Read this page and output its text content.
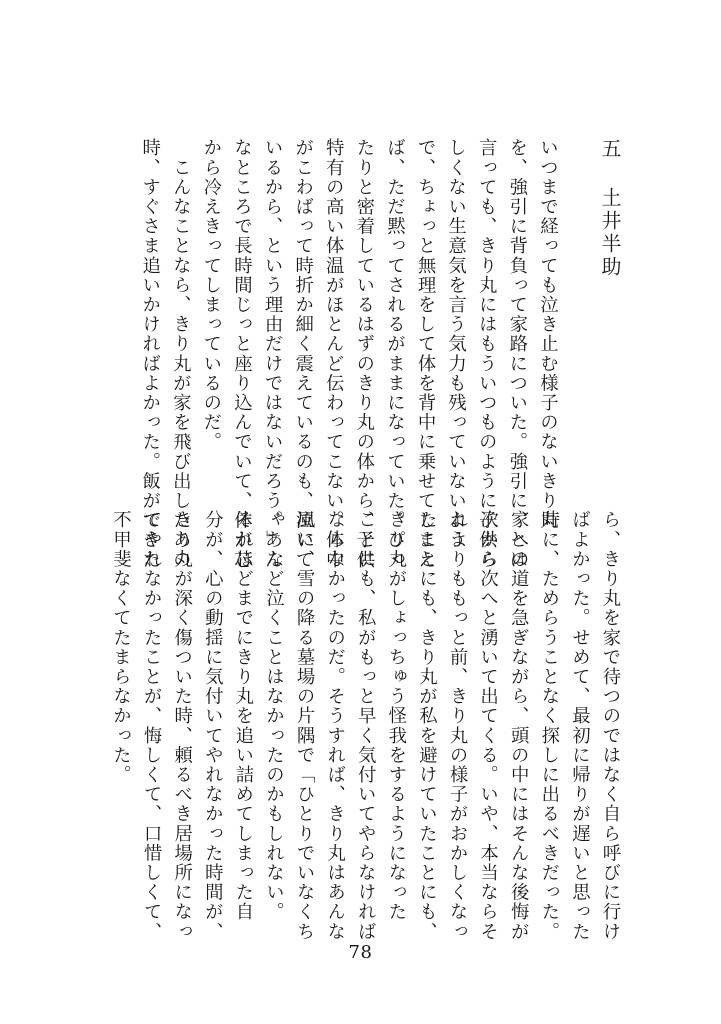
五土井半助

いつまで経っても泣き止む様子のないきり丸

を、強引に背負って家路についた。強引に、とは

言っても、きり丸にはもういつものように子供ら

しくない生意気を言う気力も残っていないよう

で、ちょっと無理をして体を背中に乗せてしまえ

ば、ただ黙ってされるがままになっていた。ぴっ

たりと密着しているはずのきり丸の体から、子供

特有の高い体温がほとんど伝わってこない。体中

がこわばって時折か細く震えているのも、泣いて

いるから、という理由だけではないだろう。あん

なところで長時間じっと座り込んでいて、体が芯

から冷えきってしまっているのだ。

　こんなことなら、きり丸が家を飛び出したあの

時、すぐさま追いかければよかった。飯ができた

ら、きり丸を家で待つのではなく自ら呼びに行け

ばよかった。せめて、最初に帰りが遅いと思った

時に、ためらうことなく探しに出るべきだった。

家への道を急ぎながら、頭の中にはそんな後悔が

次から次へと湧いて出てくる。いや、本当ならそ

れよりももっと前、きり丸の様子がおかしくなっ

たことにも、きり丸が私を避けていたことにも、

きり丸がしょっちゅう怪我をするようになった

ことにも、私がもっと早く気付いてやらなければ

ならなかったのだ。そうすれば、きり丸はあんな

風に、雪の降る墓場の片隅で「ひとりでいなくち

ゃ」など泣くことはなかったのかもしれない。

それほどまでにきり丸を追い詰めてしまった自

分が、心の動揺に気付いてやれなかった時間が、

きり丸が深く傷ついた時、頼るべき居場所になっ

てやれなかったことが、悔しくて、口惜しくて、

不甲斐なくてたまらなかった。

78
